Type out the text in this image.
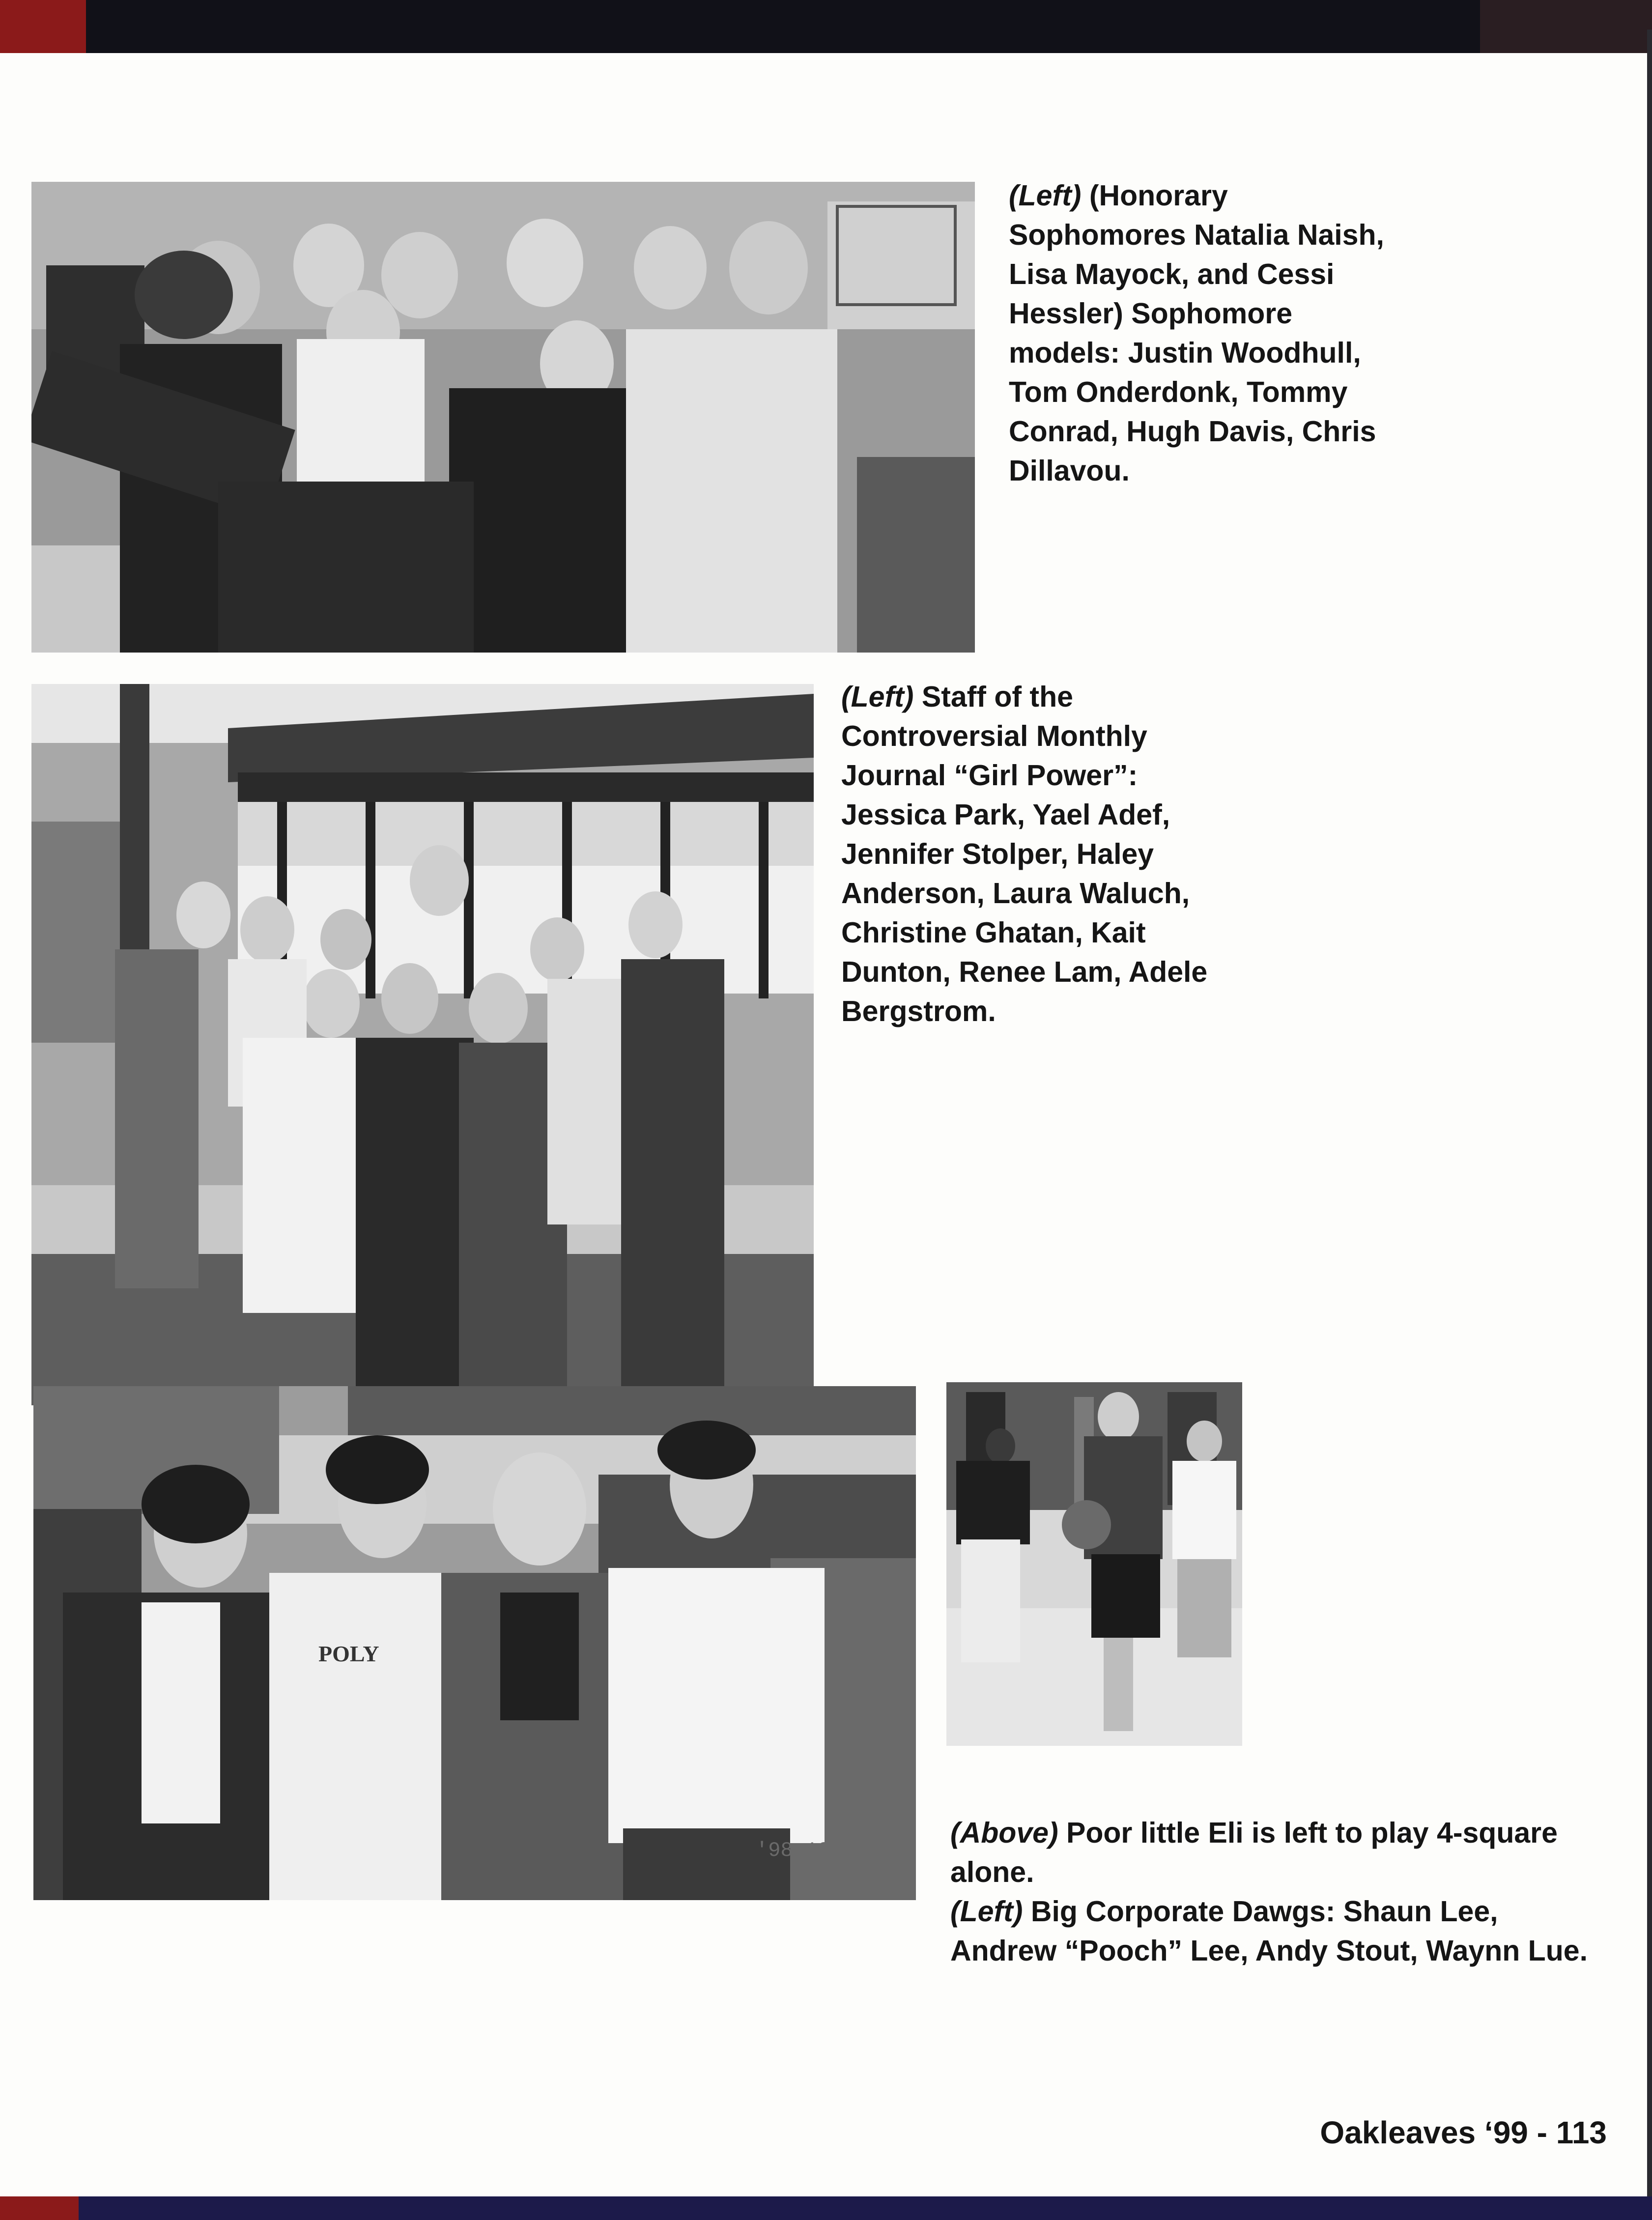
(Left) (Honorary Sophomores Natalia Naish, Lisa Mayock, and Cessi Hessler) Sophomore models: Justin Woodhull, Tom Onderdonk, Tommy Conrad, Hugh Davis, Chris Dillavou.

(Left) Staff of the Controversial Monthly Journal “Girl Power”: Jessica Park, Yael Adef, Jennifer Stolper, Haley Anderson, Laura Waluch, Christine Ghatan, Kait Dunton, Renee Lam, Adele Bergstrom.

POLY
'98 10 19

(Above) Poor little Eli is left to play 4-square alone.

(Left) Big Corporate Dawgs: Shaun Lee, Andrew “Pooch” Lee, Andy Stout, Waynn Lue.

Oakleaves ‘99 - 113
